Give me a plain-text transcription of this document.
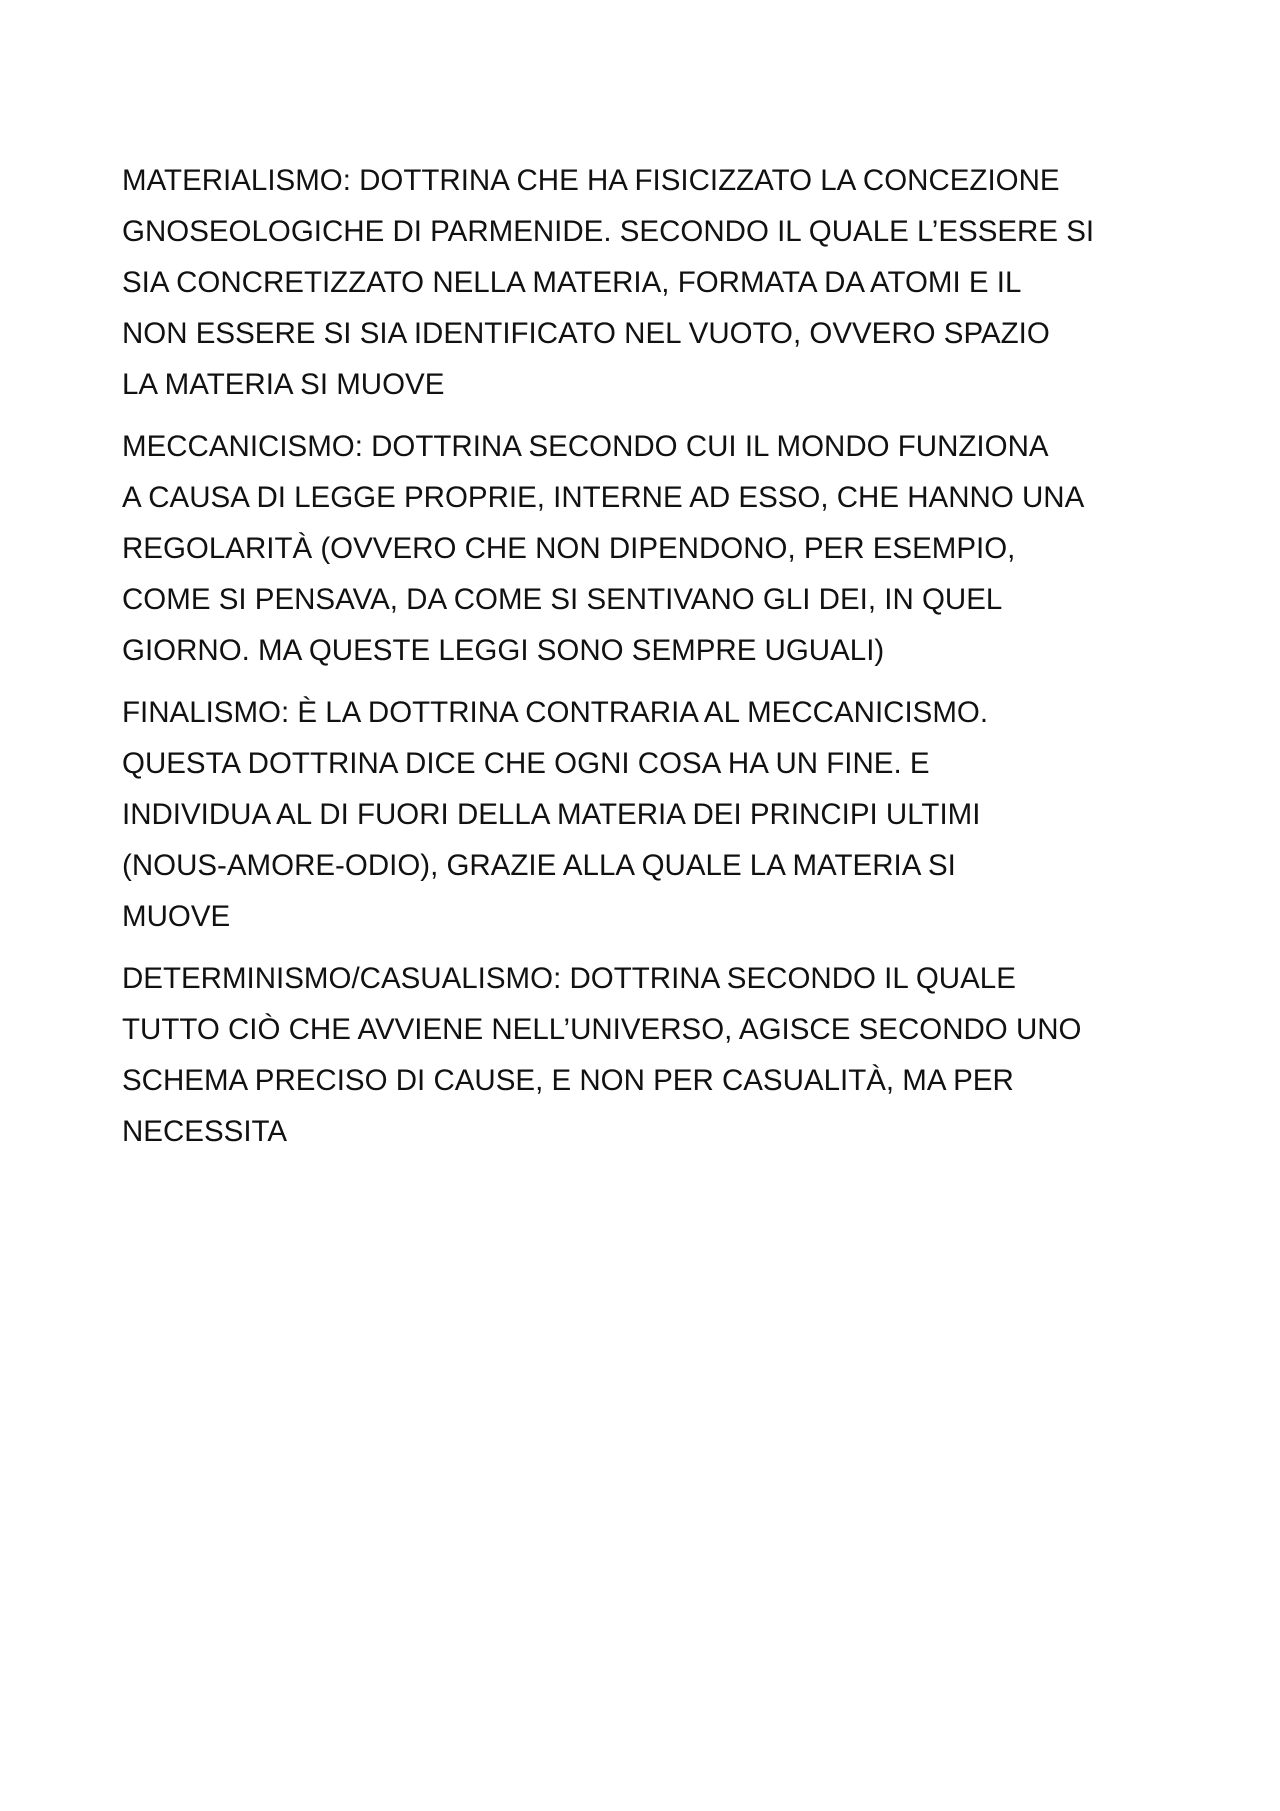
MATERIALISMO: DOTTRINA CHE HA FISICIZZATO LA CONCEZIONE
GNOSEOLOGICHE DI PARMENIDE. SECONDO IL QUALE L’ESSERE SI
SIA CONCRETIZZATO NELLA MATERIA, FORMATA DA ATOMI E IL
NON ESSERE SI SIA IDENTIFICATO NEL VUOTO, OVVERO SPAZIO
LA MATERIA SI MUOVE

MECCANICISMO: DOTTRINA SECONDO CUI IL MONDO FUNZIONA
A CAUSA DI LEGGE PROPRIE, INTERNE AD ESSO, CHE HANNO UNA
REGOLARITÀ (OVVERO CHE NON DIPENDONO, PER ESEMPIO,
COME SI PENSAVA, DA COME SI SENTIVANO GLI DEI, IN QUEL
GIORNO. MA QUESTE LEGGI SONO SEMPRE UGUALI)

FINALISMO: È LA DOTTRINA CONTRARIA AL MECCANICISMO.
QUESTA DOTTRINA DICE CHE OGNI COSA HA UN FINE. E
INDIVIDUA AL DI FUORI DELLA MATERIA DEI PRINCIPI ULTIMI
(NOUS-AMORE-ODIO), GRAZIE ALLA QUALE LA MATERIA SI
MUOVE

DETERMINISMO/CASUALISMO: DOTTRINA SECONDO IL QUALE
TUTTO CIÒ CHE AVVIENE NELL’UNIVERSO, AGISCE SECONDO UNO
SCHEMA PRECISO DI CAUSE, E NON PER CASUALITÀ, MA PER
NECESSITA
